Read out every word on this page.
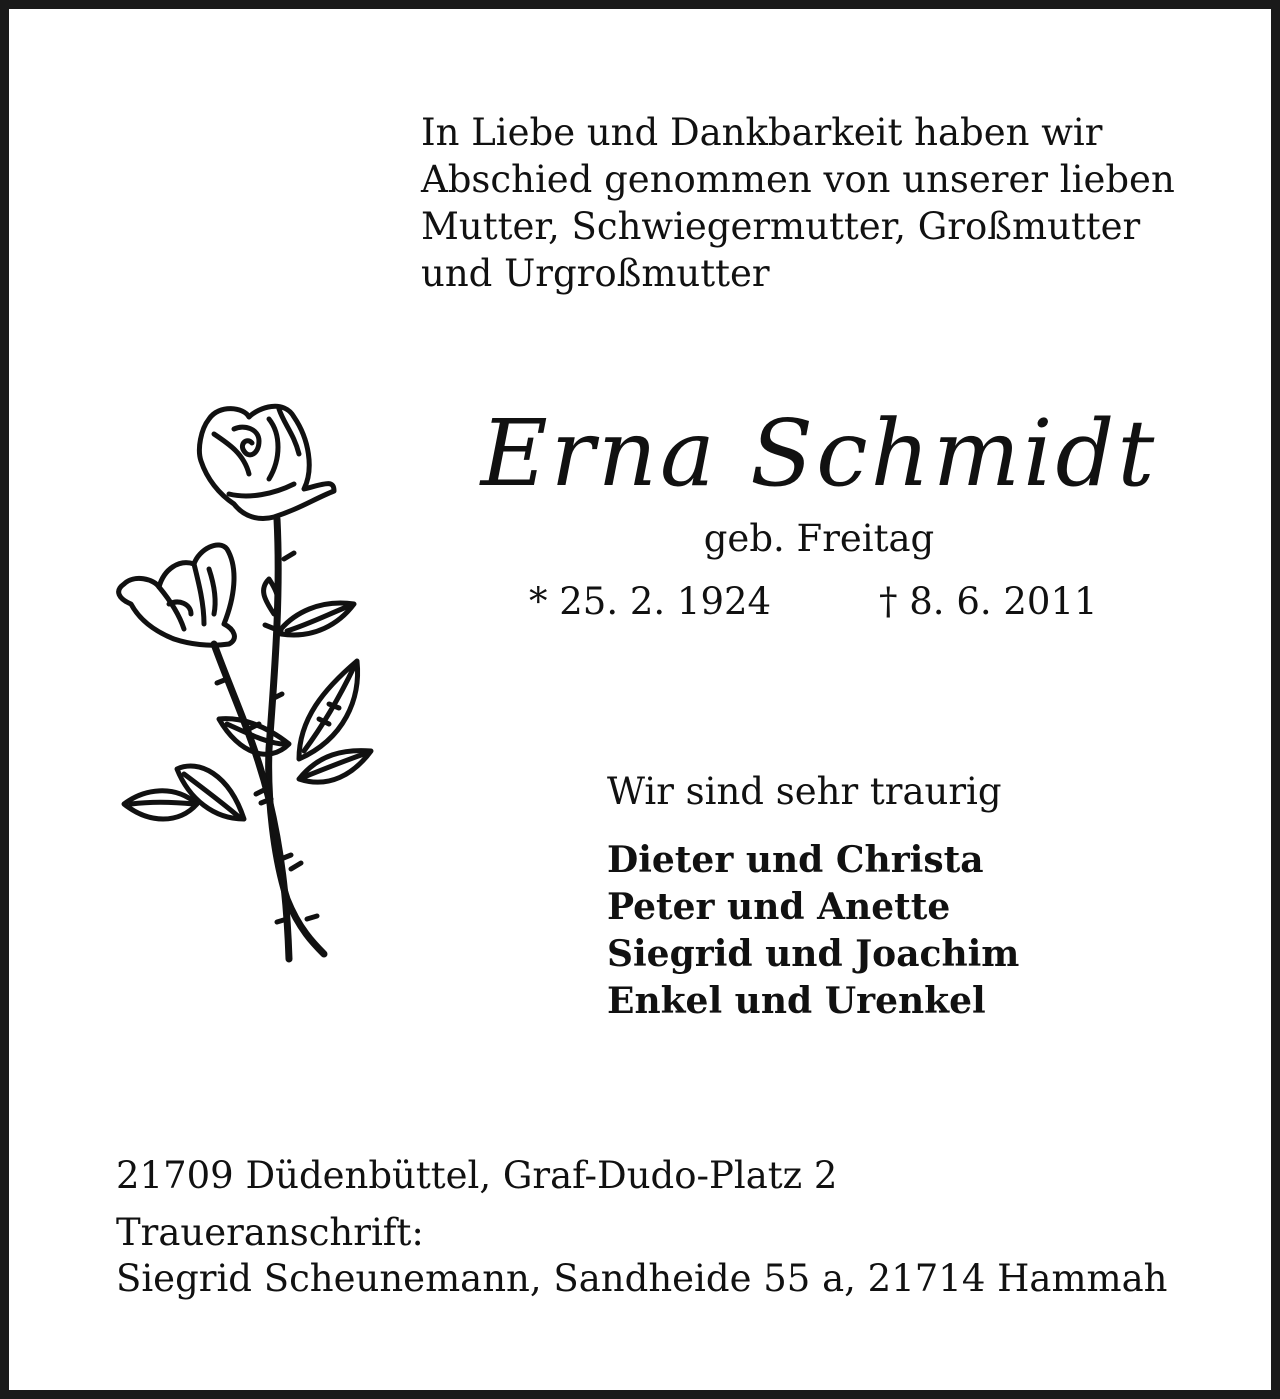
In Liebe und Dankbarkeit haben wir
Abschied genommen von unserer lieben
Mutter, Schwiegermutter, Großmutter
und Urgroßmutter
Erna Schmidt
geb. Freitag
* 25. 2. 1924	† 8. 6. 2011
Wir sind sehr traurig
Dieter und Christa
Peter und Anette
Siegrid und Joachim
Enkel und Urenkel
21709 Düdenbüttel, Graf-Dudo-Platz 2
Traueranschrift:
Siegrid Scheunemann, Sandheide 55 a, 21714 Hammah
